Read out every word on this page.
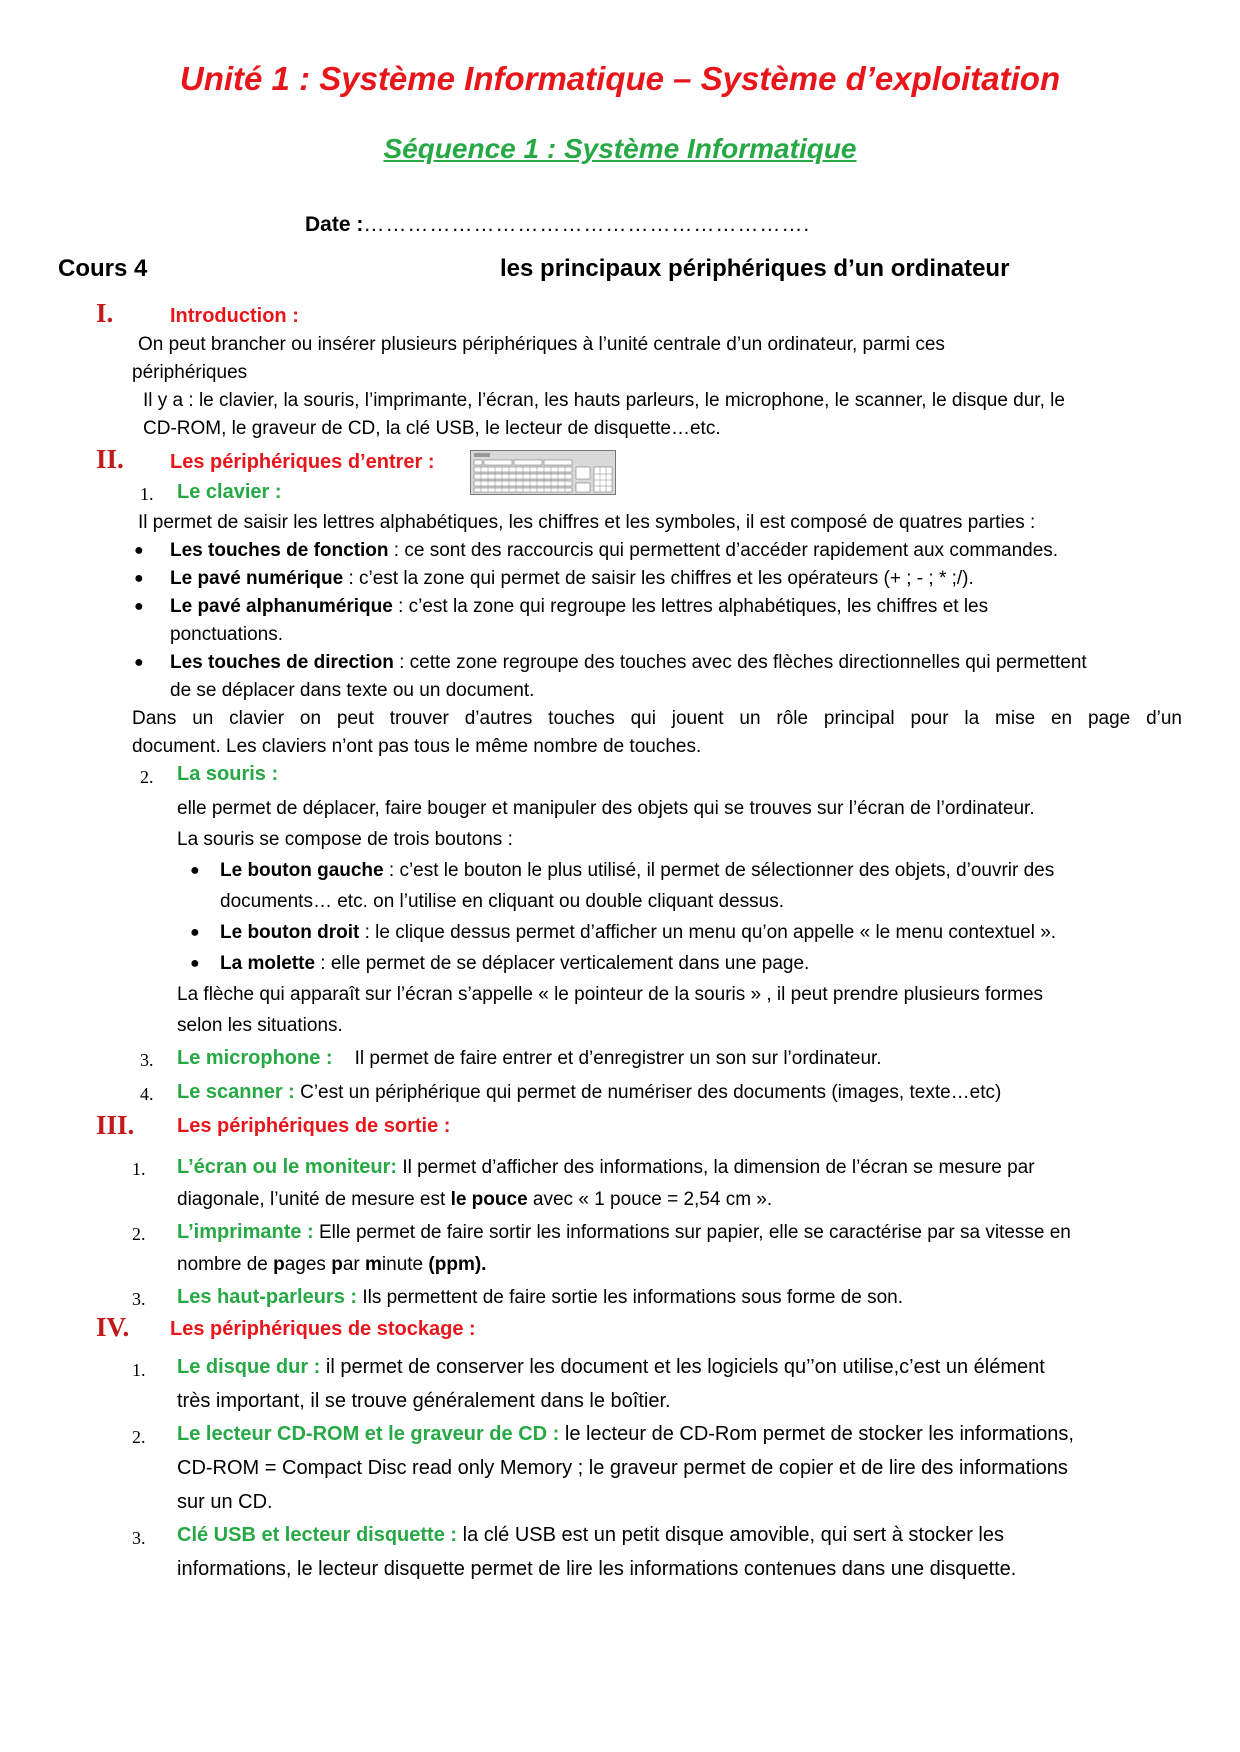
Unité 1 : Système Informatique – Système d’exploitation
Séquence 1 : Système Informatique
Date :…………………………………………………….
Cours 4	les principaux périphériques d’un ordinateur
I.	Introduction :
On peut brancher ou insérer plusieurs périphériques à l’unité centrale d’un ordinateur, parmi ces
périphériques
Il y a : le clavier, la souris, l’imprimante, l’écran, les hauts parleurs, le microphone, le scanner, le disque dur, le
CD-ROM, le graveur de CD, la clé USB, le lecteur de disquette…etc.
II. Les périphériques d’entrer :
1. Le clavier :
Il permet de saisir les lettres alphabétiques, les chiffres et les symboles, il est composé de quatres parties :
● Les touches de fonction : ce sont des raccourcis qui permettent d’accéder rapidement aux commandes.
● Le pavé numérique : c’est la zone qui permet de saisir les chiffres et les opérateurs (+ ; - ; * ;/).
● Le pavé alphanumérique : c’est la zone qui regroupe les lettres alphabétiques, les chiffres et les
ponctuations.
● Les touches de direction : cette zone regroupe des touches avec des flèches directionnelles qui permettent
de se déplacer dans texte ou un document.
Dans un clavier on peut trouver d’autres touches qui jouent un rôle principal pour la mise en page d’un
document. Les claviers n’ont pas tous le même nombre de touches.
2. La souris :
elle permet de déplacer, faire bouger et manipuler des objets qui se trouves sur l’écran de l’ordinateur.
La souris se compose de trois boutons :
● Le bouton gauche : c’est le bouton le plus utilisé, il permet de sélectionner des objets, d’ouvrir des
documents… etc. on l’utilise en cliquant ou double cliquant dessus.
● Le bouton droit : le clique dessus permet d’afficher un menu qu’on appelle « le menu contextuel ».
● La molette : elle permet de se déplacer verticalement dans une page.
La flèche qui apparaît sur l’écran s’appelle « le pointeur de la souris » , il peut prendre plusieurs formes
selon les situations.
3. Le microphone : Il permet de faire entrer et d’enregistrer un son sur l’ordinateur.
4. Le scanner : C’est un périphérique qui permet de numériser des documents (images, texte…etc)
III. Les périphériques de sortie :
1. L’écran ou le moniteur: Il permet d’afficher des informations, la dimension de l’écran se mesure par
diagonale, l’unité de mesure est le pouce avec « 1 pouce = 2,54 cm ».
2. L’imprimante : Elle permet de faire sortir les informations sur papier, elle se caractérise par sa vitesse en
nombre de pages par minute (ppm).
3. Les haut-parleurs : Ils permettent de faire sortie les informations sous forme de son.
IV. Les périphériques de stockage :
1. Le disque dur : il permet de conserver les document et les logiciels qu’’on utilise,c’est un élément
très important, il se trouve généralement dans le boîtier.
2. Le lecteur CD-ROM et le graveur de CD : le lecteur de CD-Rom permet de stocker les informations,
CD-ROM = Compact Disc read only Memory ; le graveur permet de copier et de lire des informations
sur un CD.
3. Clé USB et lecteur disquette : la clé USB est un petit disque amovible, qui sert à stocker les
informations, le lecteur disquette permet de lire les informations contenues dans une disquette.
